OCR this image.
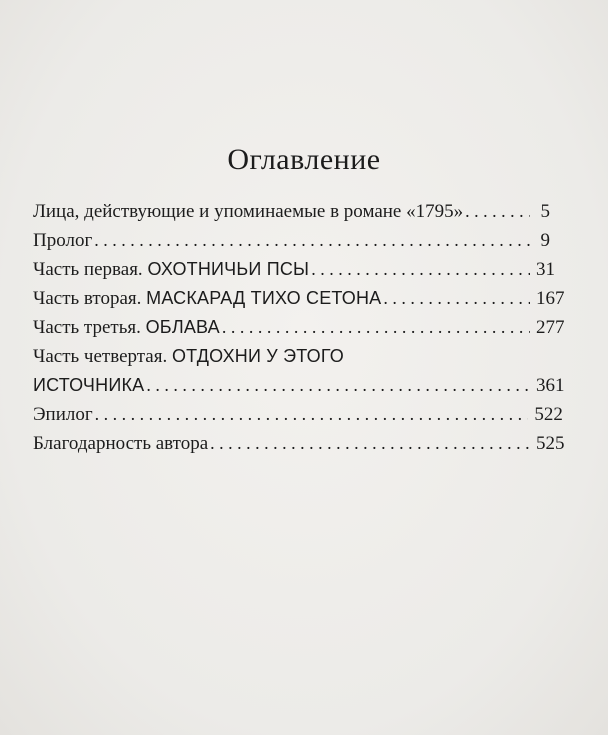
Оглавление
Лица, действующие и упоминаемые в романе «1795» . . .	5
Пролог . . .	9
Часть первая. ОХОТНИЧЬИ ПСЫ . . .	31
Часть вторая. МАСКАРАД ТИХО СЕТОНА . . .	167
Часть третья. ОБЛАВА . . .	277
Часть четвертая. ОТДОХНИ У ЭТОГО
ИСТОЧНИКА . . .	361
Эпилог . . .	522
Благодарность автора . . .	525
